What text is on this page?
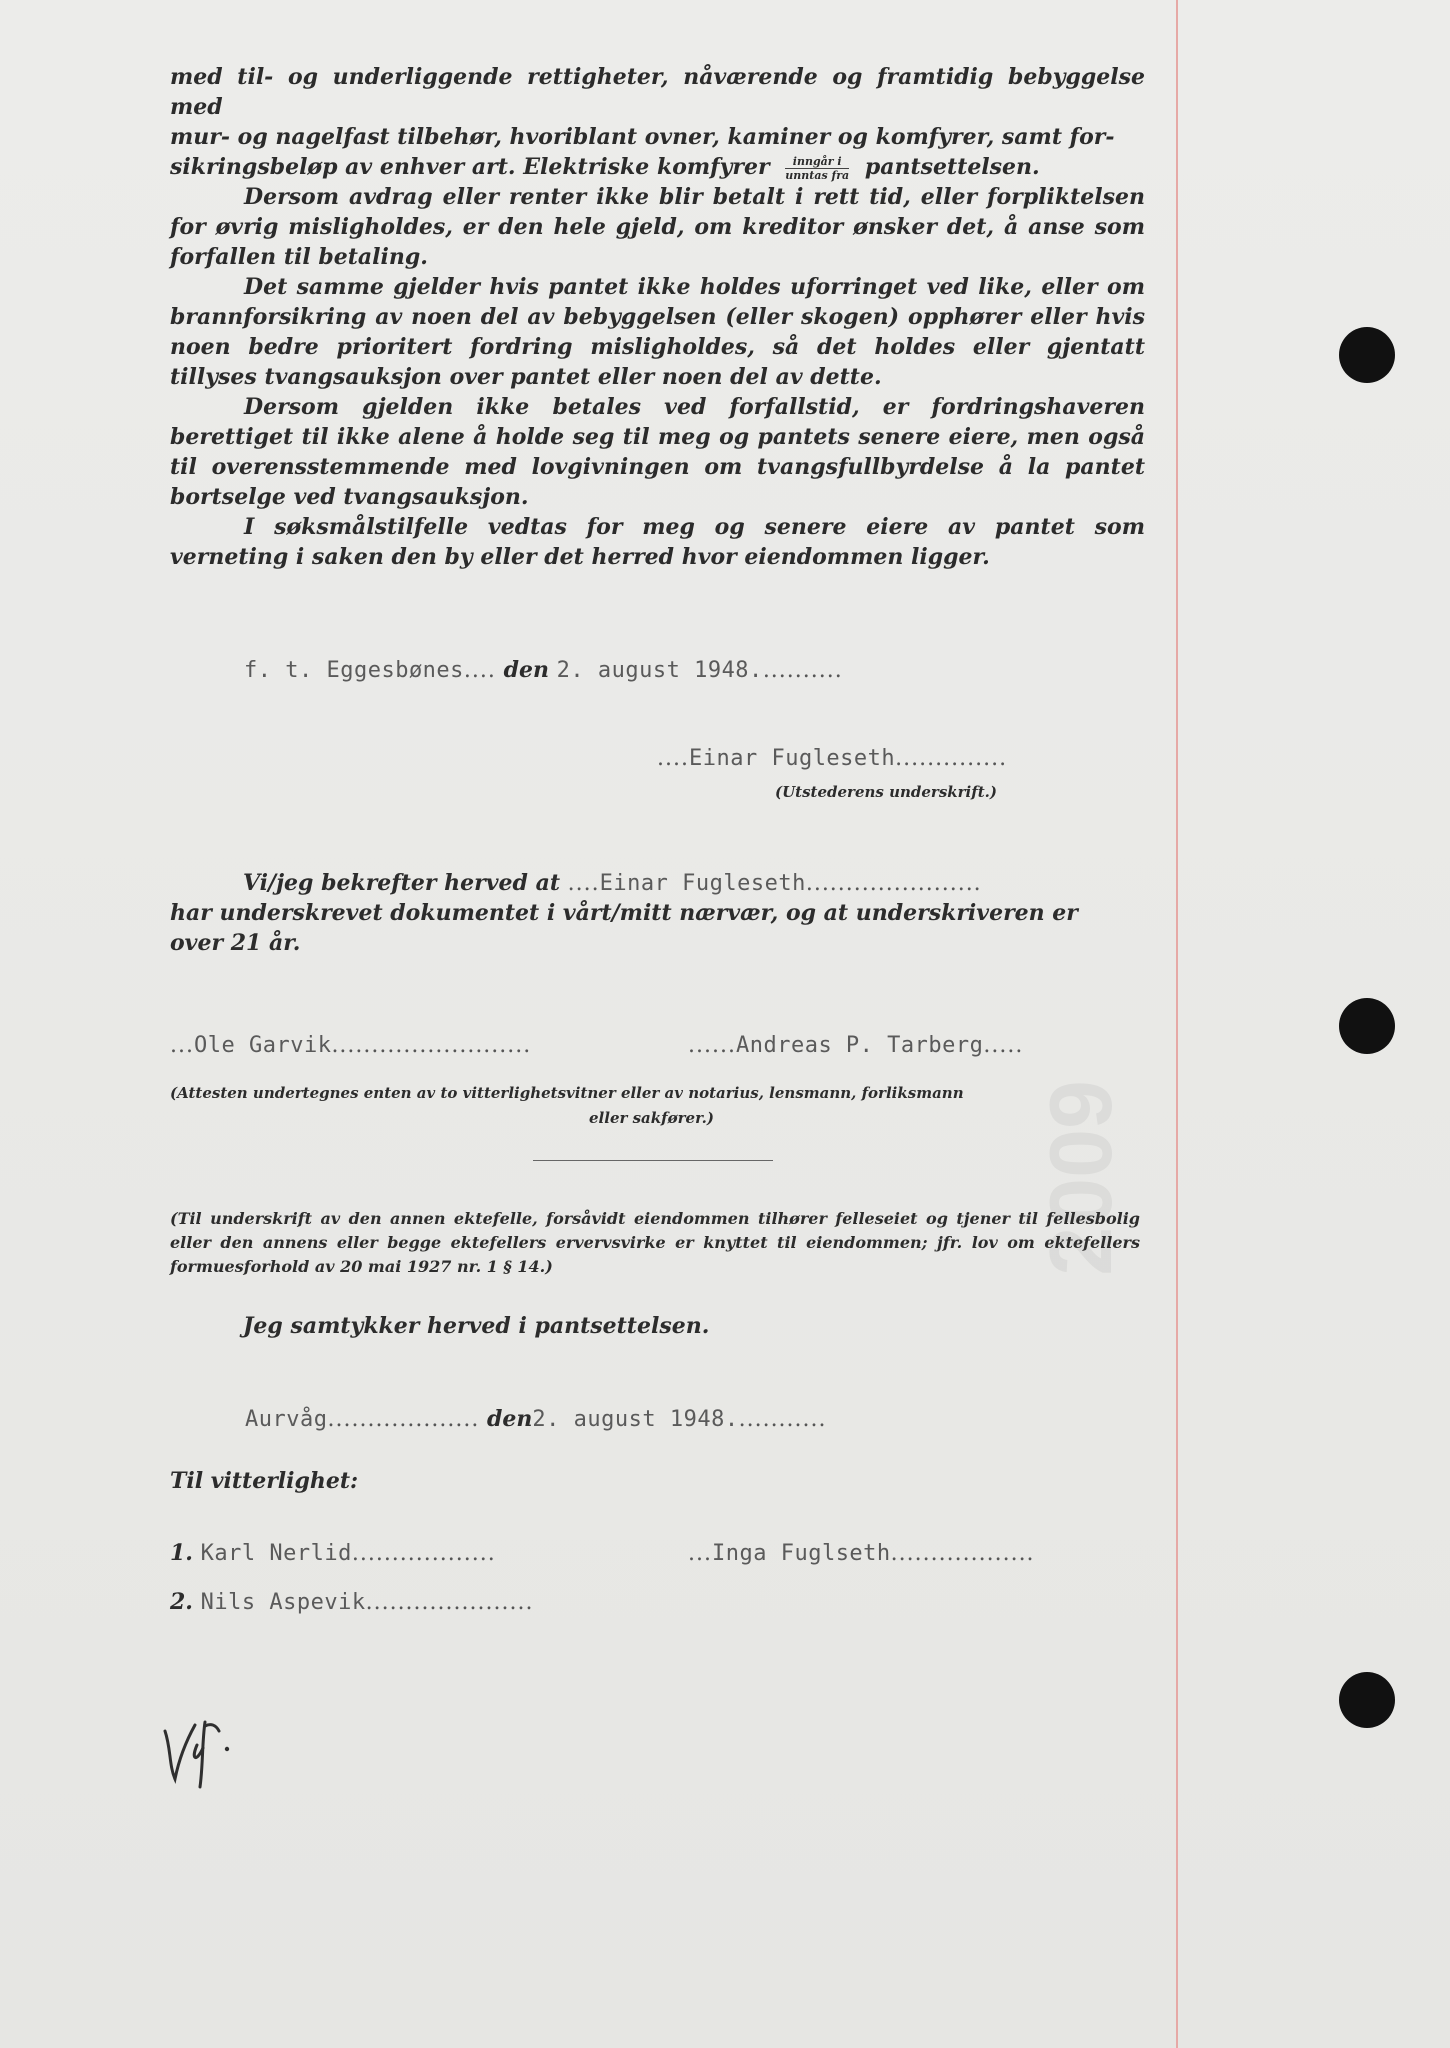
2009

med til- og underliggende rettigheter, nåværende og framtidig bebyggelse med
mur- og nagelfast tilbehør, hvoriblant ovner, kaminer og komfyrer, samt for-
sikringsbeløp av enhver art. Elektriske komfyrer $\frac{\text{inngår i}}{\text{unntas fra}}$ pantsettelsen.

Dersom avdrag eller renter ikke blir betalt i rett tid, eller forpliktelsen for øvrig misligholdes, er den hele gjeld, om kreditor ønsker det, å anse som forfallen til betaling.

Det samme gjelder hvis pantet ikke holdes uforringet ved like, eller om brannforsikring av noen del av bebyggelsen (eller skogen) opphører eller hvis noen bedre prioritert fordring misligholdes, så det holdes eller gjentatt tillyses tvangsauksjon over pantet eller noen del av dette.

Dersom gjelden ikke betales ved forfallstid, er fordringshaveren berettiget til ikke alene å holde seg til meg og pantets senere eiere, men også til overensstemmende med lovgivningen om tvangsfullbyrdelse å la pantet bortselge ved tvangsauksjon.

I søksmålstilfelle vedtas for meg og senere eiere av pantet som verneting i saken den by eller det herred hvor eiendommen ligger.

f. t. Eggesbønes.... den 2. august 1948...........
....Einar Fugleseth..............
(Utstederens underskrift.)
Vi/jeg bekrefter herved at ....Einar Fugleseth......................
har underskrevet dokumentet i vårt/mitt nærvær, og at underskriveren er
over 21 år.
...Ole Garvik.........................	......Andreas P. Tarberg.....
(Attesten undertegnes enten av to vitterlighetsvitner eller av notarius, lensmann, forliksmann
eller sakfører.)
(Til underskrift av den annen ektefelle, forsåvidt eiendommen tilhører felleseiet og tjener til fellesbolig eller den annens eller begge ektefellers ervervsvirke er knyttet til eiendommen; jfr. lov om ektefellers formuesforhold av 20 mai 1927 nr. 1 § 14.)
Jeg samtykker herved i pantsettelsen.
Aurvåg................... den2. august 1948............
Til vitterlighet:
1. Karl Nerlid..................	...Inga Fuglseth..................
2. Nils Aspevik.....................
